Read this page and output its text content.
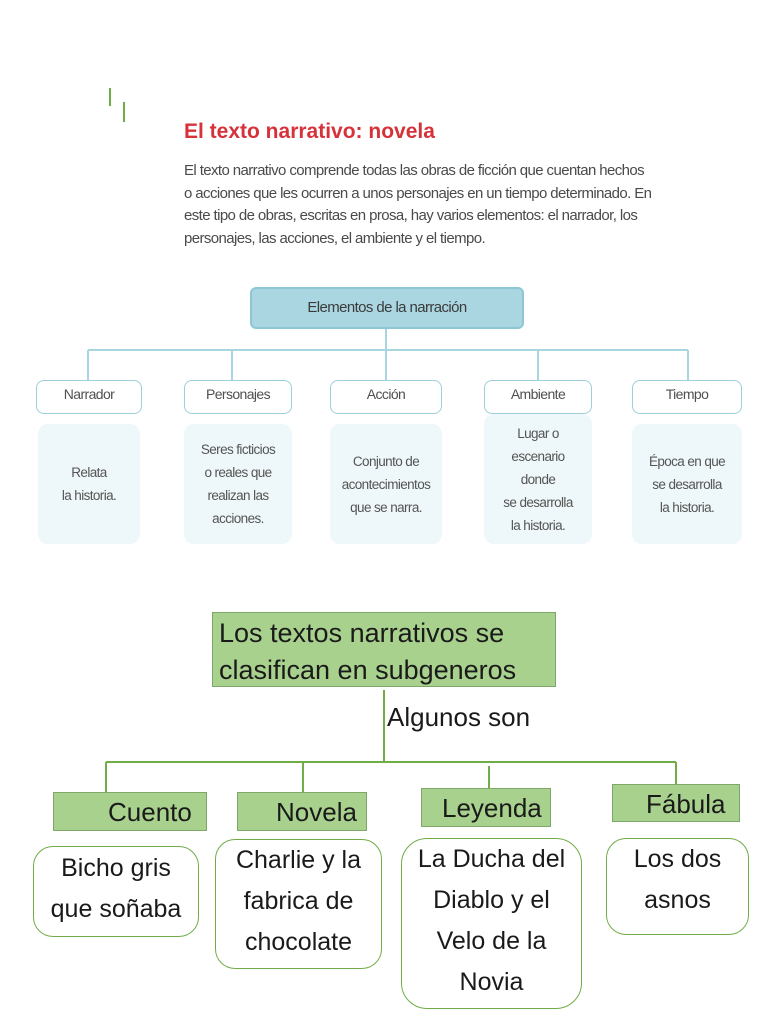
El texto narrativo: novela
El texto narrativo comprende todas las obras de ficción que cuentan hechos
o acciones que les ocurren a unos personajes en un tiempo determinado. En
este tipo de obras, escritas en prosa, hay varios elementos: el narrador, los
personajes, las acciones, el ambiente y el tiempo.
Elementos de la narración
Narrador
Relata
la historia.
Personajes
Seres ficticios
o reales que
realizan las
acciones.
Acción
Conjunto de
acontecimientos
que se narra.
Ambiente
Lugar o
escenario
donde
se desarrolla
la historia.
Tiempo
Época en que
se desarrolla
la historia.
Los textos narrativos se
clasifican en subgeneros
Algunos son
Cuento	Novela	Leyenda	Fábula
Bicho gris
que soñaba
Charlie y la
fabrica de
chocolate
La Ducha del
Diablo y el
Velo de la
Novia
Los dos
asnos
